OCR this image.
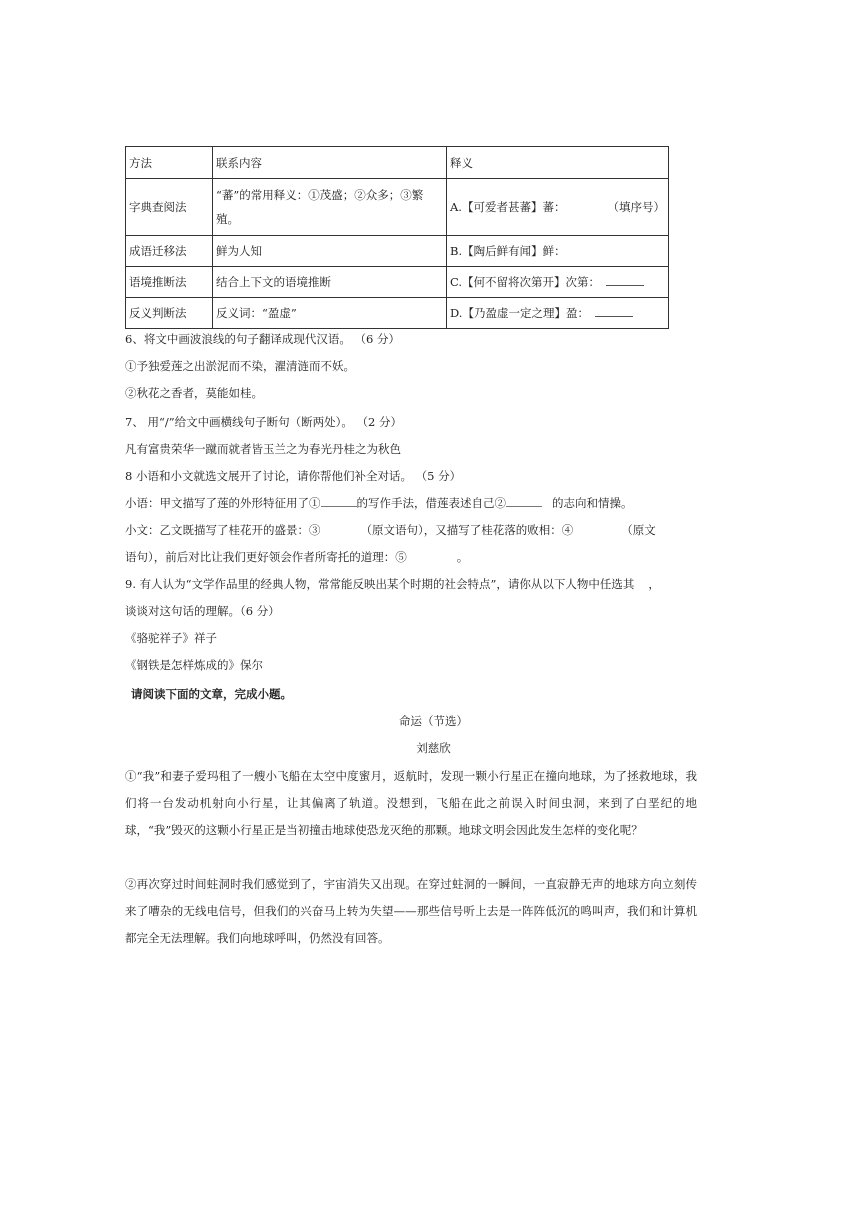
方法	联系内容	释义
字典查阅法	“蕃”的常用释义：①茂盛；②众多；③繁殖。	A.【可爱者甚蕃】蕃： （填序号）

成语迁移法	鲜为人知	B.【陶后鲜有闻】鲜：
语境推断法	结合上下文的语境推断	C.【何不留将次第开】次第：
反义判断法	反义词：“盈虚”	D.【乃盈虚一定之理】盈：
6、将文中画波浪线的句子翻译成现代汉语。 （6 分）
①予独爱莲之出淤泥而不染，濯清涟而不妖。
②秋花之香者，莫能如桂。
7、 用“/”给文中画横线句子断句（断两处）。 （2 分）
凡有富贵荣华一蹴而就者皆玉兰之为春光丹桂之为秋色
8 小语和小文就选文展开了讨论，请你帮他们补全对话。 （5 分）
小语：甲文描写了莲的外形特征用了①	的写作手法，借莲表述自己②	的志向和情操。
小文：乙文既描写了桂花开的盛景：③	（原文语句），又描写了桂花落的败相：④	（原文
语句），前后对比让我们更好领会作者所寄托的道理：⑤	。
9. 有人认为“文学作品里的经典人物，常常能反映出某个时期的社会特点”，请你从以下人物中任选其 ，
谈谈对这句话的理解。（6 分）
《骆驼祥子》祥子
《钢铁是怎样炼成的》保尔
请阅读下面的文章，完成小题。
命运（节选）
刘慈欣
①“我”和妻子爱玛租了一艘小飞船在太空中度蜜月，返航时，发现一颗小行星正在撞向地球，为了拯救地球，我们将一台发动机射向小行星，让其偏离了轨道。没想到，飞船在此之前误入时间虫洞，来到了白垩纪的地球，“我”毁灭的这颗小行星正是当初撞击地球使恐龙灭绝的那颗。地球文明会因此发生怎样的变化呢？
②再次穿过时间蛀洞时我们感觉到了，宇宙消失又出现。在穿过蛀洞的一瞬间，一直寂静无声的地球方向立刻传来了嘈杂的无线电信号，但我们的兴奋马上转为失望——那些信号听上去是一阵阵低沉的鸣叫声，我们和计算机都完全无法理解。我们向地球呼叫，仍然没有回答。
